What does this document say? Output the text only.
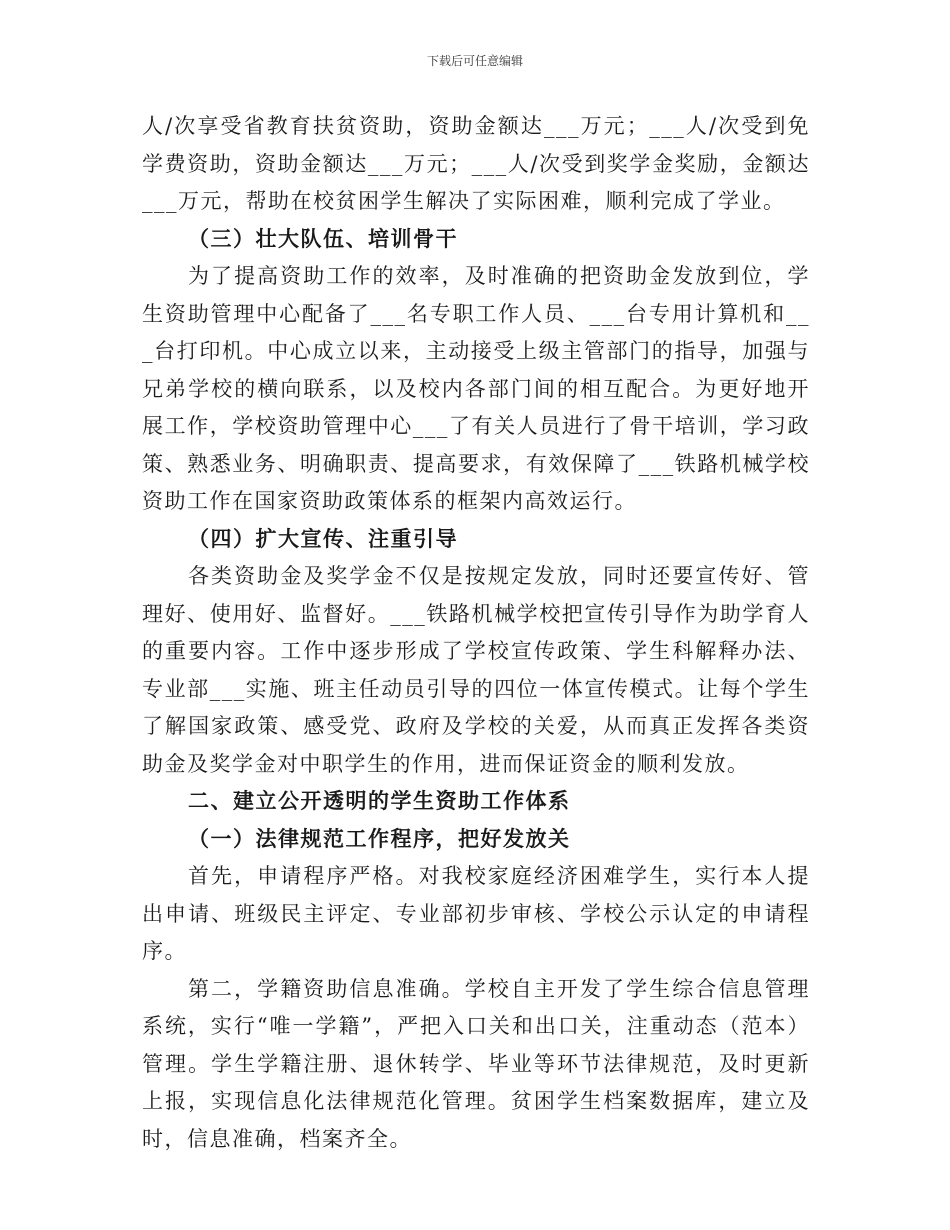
下载后可任意编辑

人/次享受省教育扶贫资助，资助金额达___万元；___人/次受到免学费资助，资助金额达___万元；___人/次受到奖学金奖励，金额达___万元，帮助在校贫困学生解决了实际困难，顺利完成了学业。

（三）壮大队伍、培训骨干

为了提高资助工作的效率，及时准确的把资助金发放到位，学生资助管理中心配备了___名专职工作人员、___台专用计算机和___台打印机。中心成立以来，主动接受上级主管部门的指导，加强与兄弟学校的横向联系，以及校内各部门间的相互配合。为更好地开展工作，学校资助管理中心___了有关人员进行了骨干培训，学习政策、熟悉业务、明确职责、提高要求，有效保障了___铁路机械学校资助工作在国家资助政策体系的框架内高效运行。

（四）扩大宣传、注重引导

各类资助金及奖学金不仅是按规定发放，同时还要宣传好、管理好、使用好、监督好。___铁路机械学校把宣传引导作为助学育人的重要内容。工作中逐步形成了学校宣传政策、学生科解释办法、专业部___实施、班主任动员引导的四位一体宣传模式。让每个学生了解国家政策、感受党、政府及学校的关爱，从而真正发挥各类资助金及奖学金对中职学生的作用，进而保证资金的顺利发放。

二、建立公开透明的学生资助工作体系

（一）法律规范工作程序，把好发放关

首先，申请程序严格。对我校家庭经济困难学生，实行本人提出申请、班级民主评定、专业部初步审核、学校公示认定的申请程序。

第二，学籍资助信息准确。学校自主开发了学生综合信息管理系统，实行“唯一学籍”，严把入口关和出口关，注重动态（范本）管理。学生学籍注册、退休转学、毕业等环节法律规范，及时更新上报，实现信息化法律规范化管理。贫困学生档案数据库，建立及时，信息准确，档案齐全。
